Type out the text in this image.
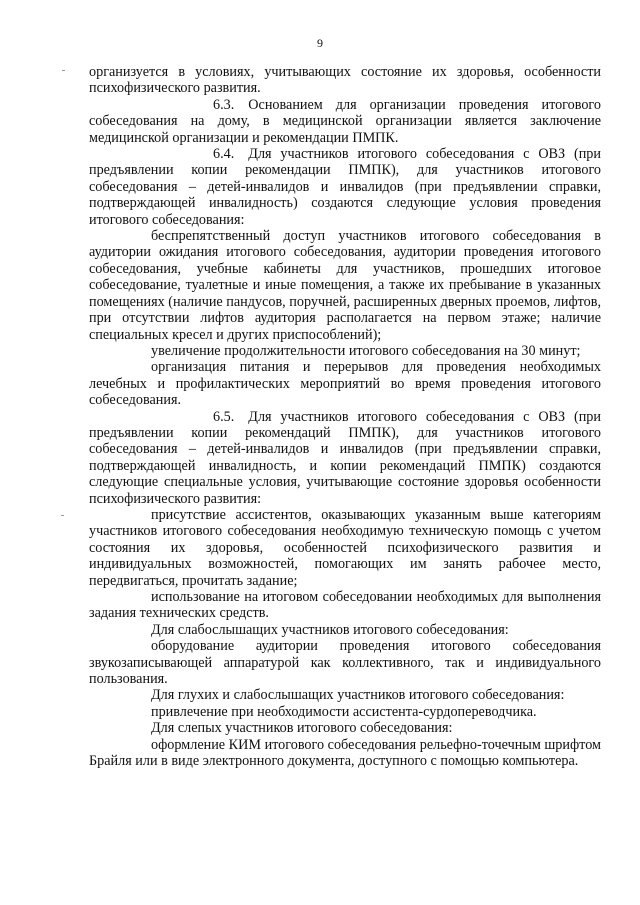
9

организуется в условиях, учитывающих состояние их здоровья, особенности психофизического развития.

6.3. Основанием для организации проведения итогового собеседования на дому, в медицинской организации является заключение медицинской организации и рекомендации ПМПК.

6.4. Для участников итогового собеседования с ОВЗ (при предъявлении копии рекомендации ПМПК), для участников итогового собеседования – детей-инвалидов и инвалидов (при предъявлении справки, подтверждающей инвалидность) создаются следующие условия проведения итогового собеседования:

беспрепятственный доступ участников итогового собеседования в аудитории ожидания итогового собеседования, аудитории проведения итогового собеседования, учебные кабинеты для участников, прошедших итоговое собеседование, туалетные и иные помещения, а также их пребывание в указанных помещениях (наличие пандусов, поручней, расширенных дверных проемов, лифтов, при отсутствии лифтов аудитория располагается на первом этаже; наличие специальных кресел и других приспособлений);

увеличение продолжительности итогового собеседования на 30 минут;

организация питания и перерывов для проведения необходимых лечебных и профилактических мероприятий во время проведения итогового собеседования.

6.5. Для участников итогового собеседования с ОВЗ (при предъявлении копии рекомендаций ПМПК), для участников итогового собеседования – детей-инвалидов и инвалидов (при предъявлении справки, подтверждающей инвалидность, и копии рекомендаций ПМПК) создаются следующие специальные условия, учитывающие состояние здоровья особенности психофизического развития:

присутствие ассистентов, оказывающих указанным выше категориям участников итогового собеседования необходимую техническую помощь с учетом состояния их здоровья, особенностей психофизического развития и индивидуальных возможностей, помогающих им занять рабочее место, передвигаться, прочитать задание;

использование на итоговом собеседовании необходимых для выполнения задания технических средств.

Для слабослышащих участников итогового собеседования:

оборудование аудитории проведения итогового собеседования звукозаписывающей аппаратурой как коллективного, так и индивидуального пользования.

Для глухих и слабослышащих участников итогового собеседования:

привлечение при необходимости ассистента-сурдопереводчика.

Для слепых участников итогового собеседования:

оформление КИМ итогового собеседования рельефно-точечным шрифтом Брайля или в виде электронного документа, доступного с помощью компьютера.
